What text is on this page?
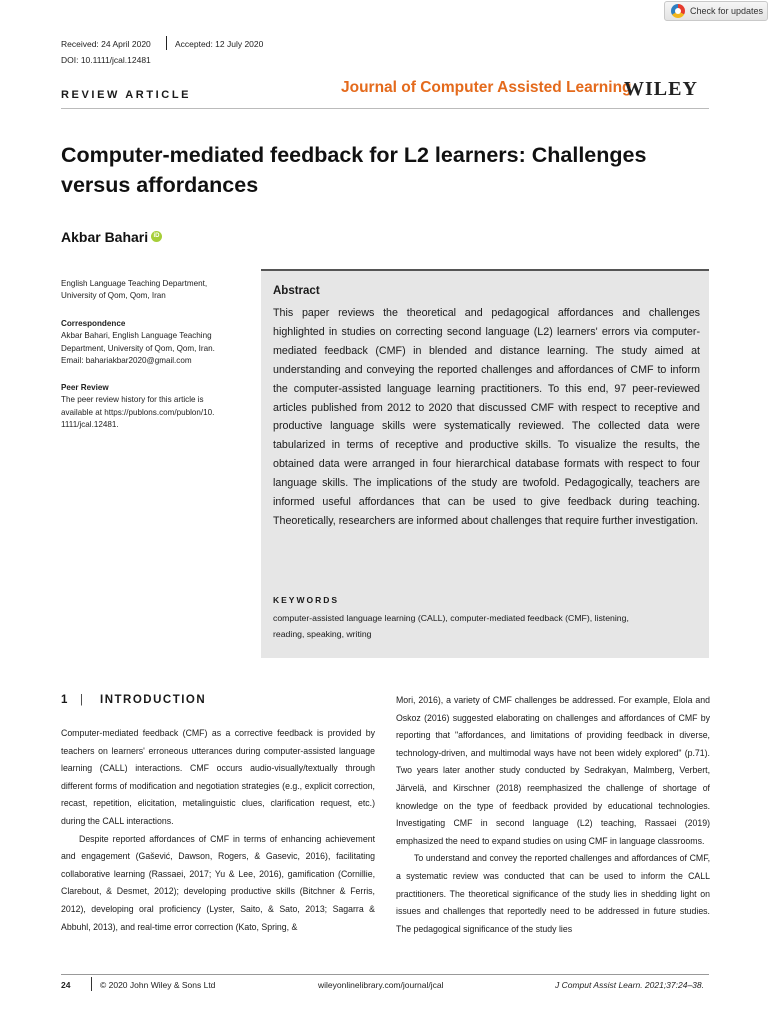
Check for updates
Received: 24 April 2020	Accepted: 12 July 2020
DOI: 10.1111/jcal.12481
REVIEW ARTICLE	Journal of Computer Assisted Learning
WILEY
Computer-mediated feedback for L2 learners: Challenges
versus affordances
Akbar Bahari iD
English Language Teaching Department,
University of Qom, Qom, Iran
Correspondence
Akbar Bahari, English Language Teaching
Department, University of Qom, Qom, Iran.
Email: bahariakbar2020@gmail.com
Peer Review
The peer review history for this article is
available at https://publons.com/publon/10.
1111/jcal.12481.
Abstract
This paper reviews the theoretical and pedagogical affordances and challenges highlighted in studies on correcting second language (L2) learners' errors via computer-mediated feedback (CMF) in blended and distance learning. The study aimed at understanding and conveying the reported challenges and affordances of CMF to inform the computer-assisted language learning practitioners. To this end, 97 peer-reviewed articles published from 2012 to 2020 that discussed CMF with respect to receptive and productive language skills were systematically reviewed. The collected data were tabularized in terms of receptive and productive skills. To visualize the results, the obtained data were arranged in four hierarchical database formats with respect to four language skills. The implications of the study are twofold. Pedagogically, teachers are informed useful affordances that can be used to give feedback during teaching. Theoretically, researchers are informed about challenges that require further investigation.
KEYWORDS
computer-assisted language learning (CALL), computer-mediated feedback (CMF), listening,
reading, speaking, writing
1 | INTRODUCTION

Computer-mediated feedback (CMF) as a corrective feedback is provided by teachers on learners' erroneous utterances during computer-assisted language learning (CALL) interactions. CMF occurs audio-visually/textually through different forms of modification and negotiation strategies (e.g., explicit correction, recast, repetition, elicitation, metalinguistic clues, clarification request, etc.) during the CALL interactions.

Despite reported affordances of CMF in terms of enhancing achievement and engagement (Gašević, Dawson, Rogers, & Gasevic, 2016), facilitating collaborative learning (Rassaei, 2017; Yu & Lee, 2016), gamification (Cornillie, Clarebout, & Desmet, 2012); developing productive skills (Bitchner & Ferris, 2012), developing oral proficiency (Lyster, Saito, & Sato, 2013; Sagarra & Abbuhl, 2013), and real-time error correction (Kato, Spring, &

Mori, 2016), a variety of CMF challenges be addressed. For example, Elola and Oskoz (2016) suggested elaborating on challenges and affordances of CMF by reporting that "affordances, and limitations of providing feedback in diverse, technology-driven, and multimodal ways have not been widely explored" (p.71). Two years later another study conducted by Sedrakyan, Malmberg, Verbert, Järvelä, and Kirschner (2018) reemphasized the challenge of shortage of knowledge on the type of feedback provided by educational technologies. Investigating CMF in second language (L2) teaching, Rassaei (2019) emphasized the need to expand studies on using CMF in language classrooms.

To understand and convey the reported challenges and affordances of CMF, a systematic review was conducted that can be used to inform the CALL practitioners. The theoretical significance of the study lies in shedding light on issues and challenges that reportedly need to be addressed in future studies. The pedagogical significance of the study lies

24	© 2020 John Wiley & Sons Ltd	wileyonlinelibrary.com/journal/jcal	J Comput Assist Learn. 2021;37:24–38.
